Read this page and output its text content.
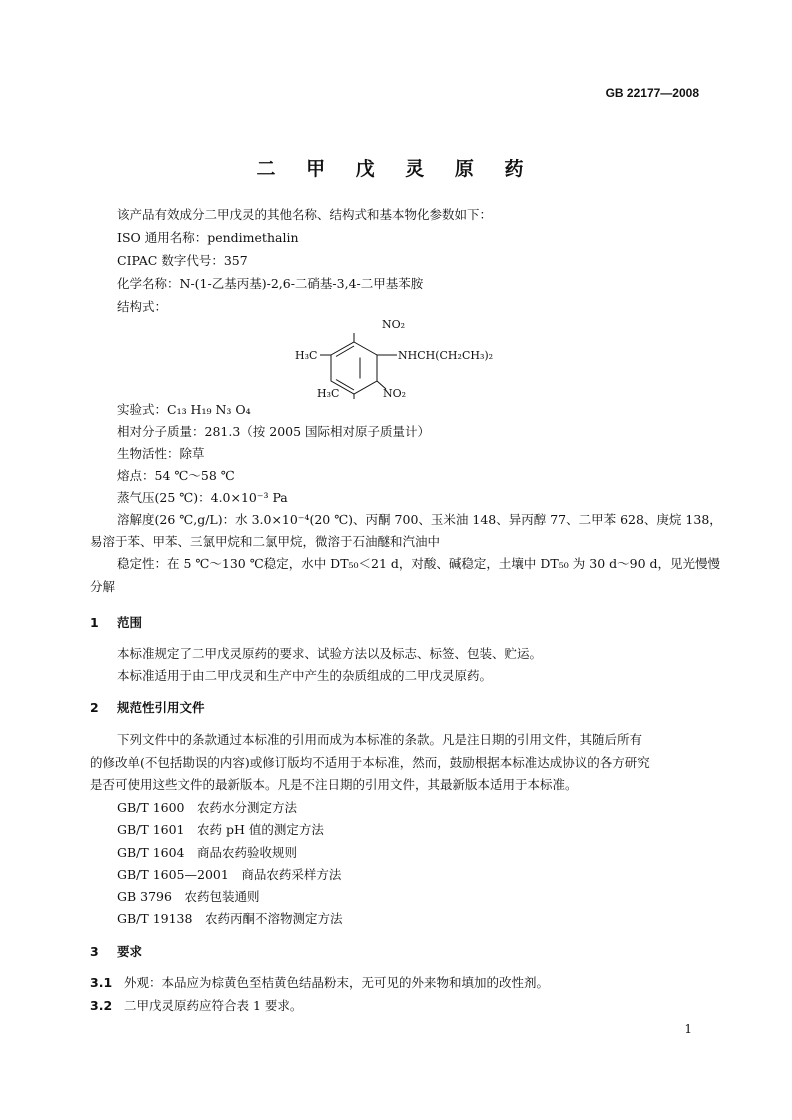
GB 22177—2008
二 甲 戊 灵 原 药
该产品有效成分二甲戊灵的其他名称、结构式和基本物化参数如下：
ISO 通用名称：pendimethalin
CIPAC 数字代号：357
化学名称：N-(1-乙基丙基)-2,6-二硝基-3,4-二甲基苯胺
结构式：
NO₂
NHCH(CH₂CH₃)₂
H₃C
H₃C	NO₂
实验式：C₁₃ H₁₉ N₃ O₄
相对分子质量：281.3（按 2005 国际相对原子质量计）
生物活性：除草
熔点：54 ℃～58 ℃
蒸气压(25 ℃)：4.0×10⁻³ Pa
溶解度(26 ℃,g/L)：水 3.0×10⁻⁴(20 ℃)、丙酮 700、玉米油 148、异丙醇 77、二甲苯 628、庚烷 138，
易溶于苯、甲苯、三氯甲烷和二氯甲烷，微溶于石油醚和汽油中
稳定性：在 5 ℃～130 ℃稳定，水中 DT₅₀＜21 d，对酸、碱稳定，土壤中 DT₅₀ 为 30 d～90 d，见光慢慢
分解
1 范围
本标准规定了二甲戊灵原药的要求、试验方法以及标志、标签、包装、贮运。
本标准适用于由二甲戊灵和生产中产生的杂质组成的二甲戊灵原药。
2 规范性引用文件
下列文件中的条款通过本标准的引用而成为本标准的条款。凡是注日期的引用文件，其随后所有
的修改单(不包括勘误的内容)或修订版均不适用于本标准，然而，鼓励根据本标准达成协议的各方研究
是否可使用这些文件的最新版本。凡是不注日期的引用文件，其最新版本适用于本标准。
GB/T 1600　农药水分测定方法
GB/T 1601　农药 pH 值的测定方法
GB/T 1604　商品农药验收规则
GB/T 1605—2001　商品农药采样方法
GB 3796　农药包装通则
GB/T 19138　农药丙酮不溶物测定方法
3 要求
3.1 外观：本品应为棕黄色至桔黄色结晶粉末，无可见的外来物和填加的改性剂。
3.2 二甲戊灵原药应符合表 1 要求。
1
